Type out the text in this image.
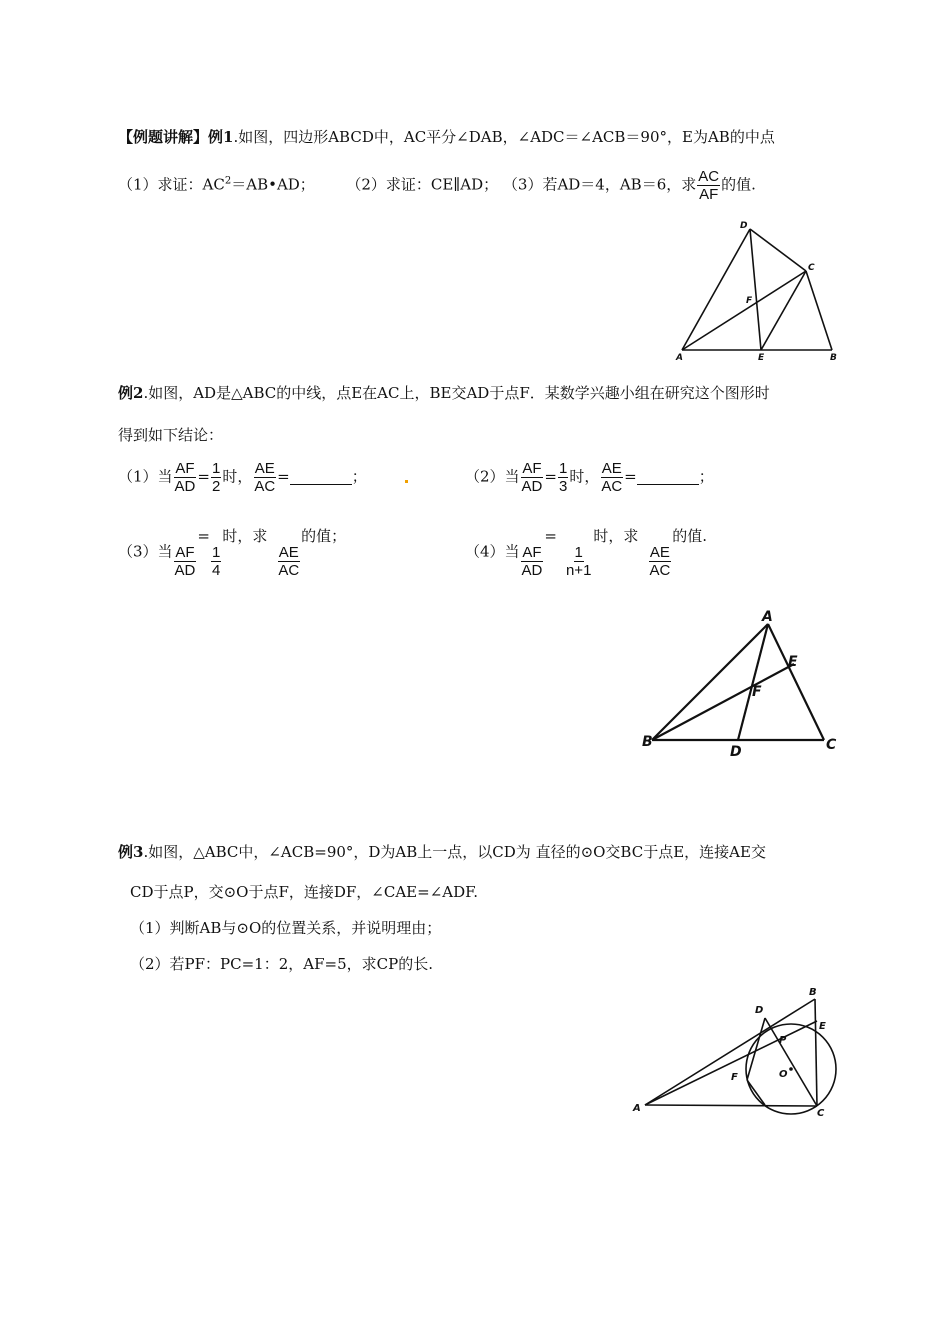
【例题讲解】例1.如图，四边形ABCD中，AC平分∠DAB，∠ADC＝∠ACB＝90°，E为AB的中点
（1）求证：$AC^2=AB•AD$； （2）求证：CE∥AD； （3）若AD＝4，AB＝6，求 $\frac{AC}{AF}$ 的值.
D
C
F
A	E	B
例2.如图，AD是△ABC的中线，点E在AC上，BE交AD于点F．某数学兴趣小组在研究这个图形时
得到如下结论：
（1）当 $\frac{AF}{AD} = \frac{1}{2}$ 时， $\frac{AE}{AC}$ =	；	（2）当 $\frac{AF}{AD} = \frac{1}{3}$ 时， $\frac{AE}{AC}$ =	；
（3）当 $\frac{AF}{AD}$
=
$\frac{1}{4}$
时，求
$\frac{AE}{AC}$
的值；
（4）当 $\frac{AF}{AD}$
=
$\frac{1}{n+1}$
时，求
$\frac{AE}{AC}$
的值.
A
E
F
B
D	C
例3.如图，△ABC中，∠ACB=90°，D为AB上一点，以CD为 直径的⊙O交BC于点E，连接AE交
CD于点P，交⊙O于点F，连接DF，∠CAE=∠ADF.
（1）判断AB与⊙O的位置关系，并说明理由；
（2）若PF：PC=1：2，AF=5，求CP的长.
B
D
E
P
O
F
A	C
